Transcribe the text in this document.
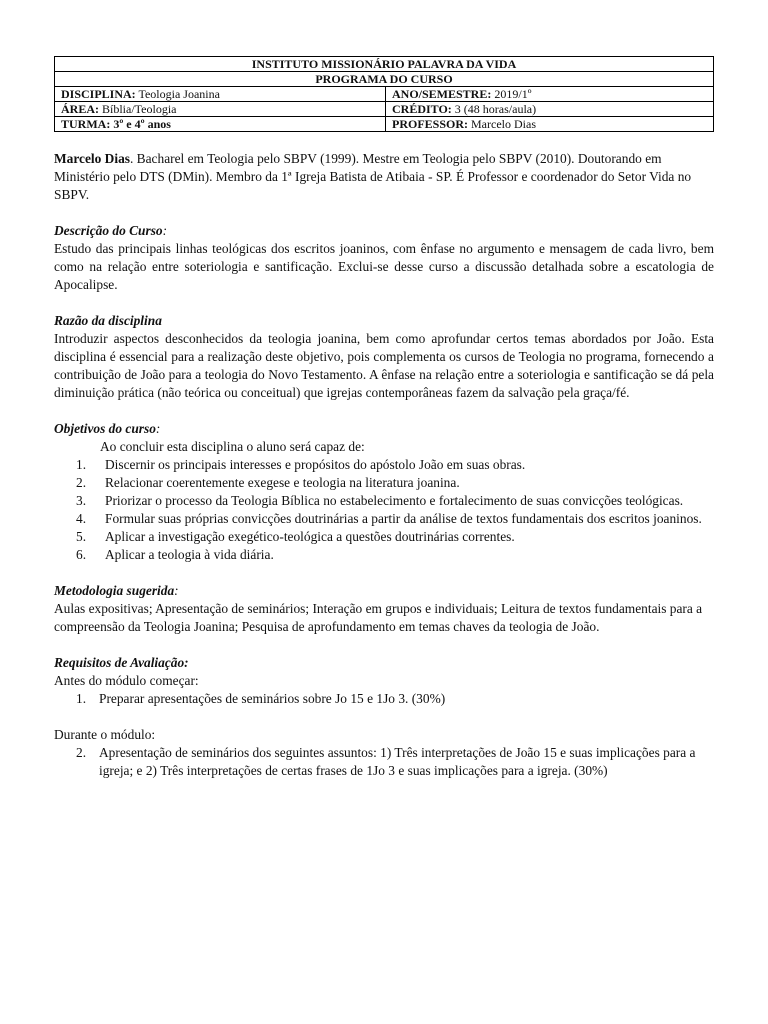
INSTITUTO MISSIONÁRIO PALAVRA DA VIDA	
PROGRAMA DO CURSO	
DISCIPLINA: Teologia Joanina	ANO/SEMESTRE: 2019/1º
ÁREA: Bíblia/Teologia	CRÉDITO: 3 (48 horas/aula)
TURMA: 3º e 4º anos	PROFESSOR: Marcelo Dias

Marcelo Dias. Bacharel em Teologia pelo SBPV (1999). Mestre em Teologia pelo SBPV (2010). Doutorando em Ministério pelo DTS (DMin). Membro da 1ª Igreja Batista de Atibaia - SP. É Professor e coordenador do Setor Vida no SBPV.

Descrição do Curso:

Estudo das principais linhas teológicas dos escritos joaninos, com ênfase no argumento e mensagem de cada livro, bem como na relação entre soteriologia e santificação. Exclui-se desse curso a discussão detalhada sobre a escatologia de Apocalipse.

Razão da disciplina

Introduzir aspectos desconhecidos da teologia joanina, bem como aprofundar certos temas abordados por João. Esta disciplina é essencial para a realização deste objetivo, pois complementa os cursos de Teologia no programa, fornecendo a contribuição de João para a teologia do Novo Testamento. A ênfase na relação entre a soteriologia e santificação se dá pela diminuição prática (não teórica ou conceitual) que igrejas contemporâneas fazem da salvação pela graça/fé.

Objetivos do curso:

Ao concluir esta disciplina o aluno será capaz de:

1. Discernir os principais interesses e propósitos do apóstolo João em suas obras.
2. Relacionar coerentemente exegese e teologia na literatura joanina.
3. Priorizar o processo da Teologia Bíblica no estabelecimento e fortalecimento de suas convicções teológicas.
4. Formular suas próprias convicções doutrinárias a partir da análise de textos fundamentais dos escritos joaninos.
5. Aplicar a investigação exegético-teológica a questões doutrinárias correntes.
6. Aplicar a teologia à vida diária.

Metodologia sugerida:

Aulas expositivas; Apresentação de seminários; Interação em grupos e individuais; Leitura de textos fundamentais para a compreensão da Teologia Joanina; Pesquisa de aprofundamento em temas chaves da teologia de João.

Requisitos de Avaliação:

Antes do módulo começar:

1. Preparar apresentações de seminários sobre Jo 15 e 1Jo 3. (30%)

Durante o módulo:

2. Apresentação de seminários dos seguintes assuntos: 1) Três interpretações de João 15 e suas implicações para a igreja; e 2) Três interpretações de certas frases de 1Jo 3 e suas implicações para a igreja. (30%)
